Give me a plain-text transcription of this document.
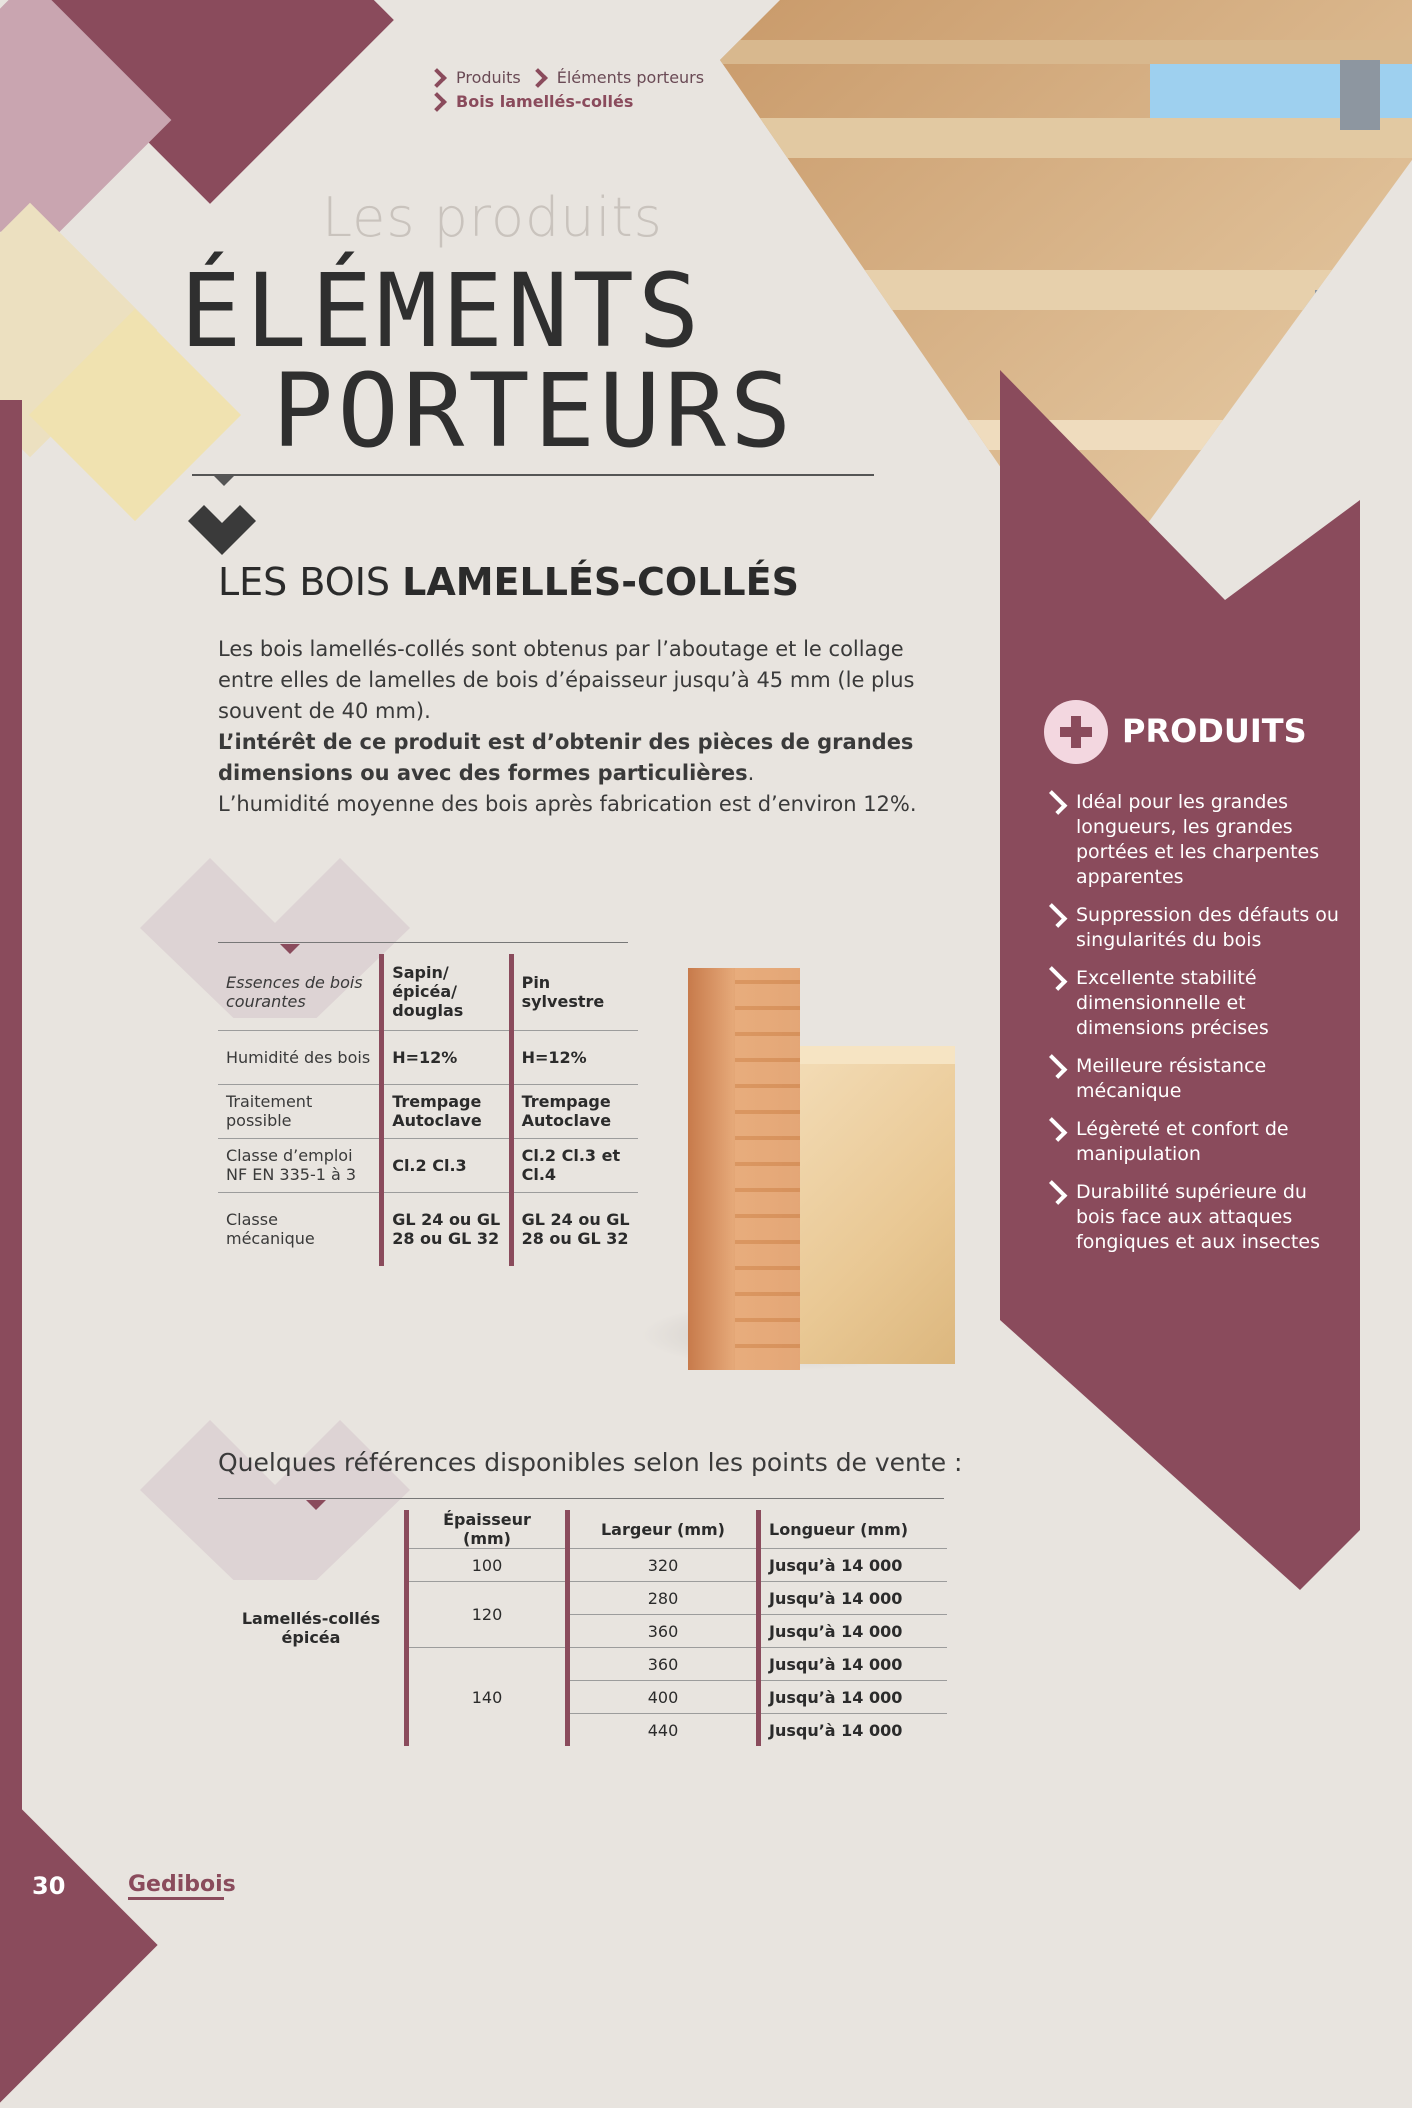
Produits Éléments porteurs
Bois lamellés-collés
Les produits
ÉLÉMENTS
PORTEURS
LES BOIS LAMELLÉS-COLLÉS
Les bois lamellés-collés sont obtenus par l’aboutage et le collage entre elles de lamelles de bois d’épaisseur jusqu’à 45 mm (le plus souvent de 40 mm).
L’intérêt de ce produit est d’obtenir des pièces de grandes dimensions ou avec des formes particulières.
L’humidité moyenne des bois après fabrication est d’environ 12%.
Essences de bois courantes	Sapin/ épicéa/ douglas	Pin sylvestre
Humidité des bois	H=12%	H=12%
Traitement possible	Trempage Autoclave	Trempage Autoclave
Classe d’emploi NF EN 335-1 à 3	Cl.2 Cl.3	Cl.2 Cl.3 et Cl.4
Classe mécanique	GL 24 ou GL 28 ou GL 32	GL 24 ou GL 28 ou GL 32
PRODUITS
Idéal pour les grandes longueurs, les grandes portées et les charpentes apparentes
Suppression des défauts ou singularités du bois
Excellente stabilité dimensionnelle et dimensions précises
Meilleure résistance mécanique
Légèreté et confort de manipulation
Durabilité supérieure du bois face aux attaques fongiques et aux insectes
Quelques références disponibles selon les points de vente :
Lamellés-collés épicéa	Épaisseur (mm)	Largeur (mm)	Longueur (mm)
	100	320	Jusqu’à 14 000
	120	280	Jusqu’à 14 000
		360	Jusqu’à 14 000
	140	360	Jusqu’à 14 000
		400	Jusqu’à 14 000
		440	Jusqu’à 14 000
30	Gedibois
